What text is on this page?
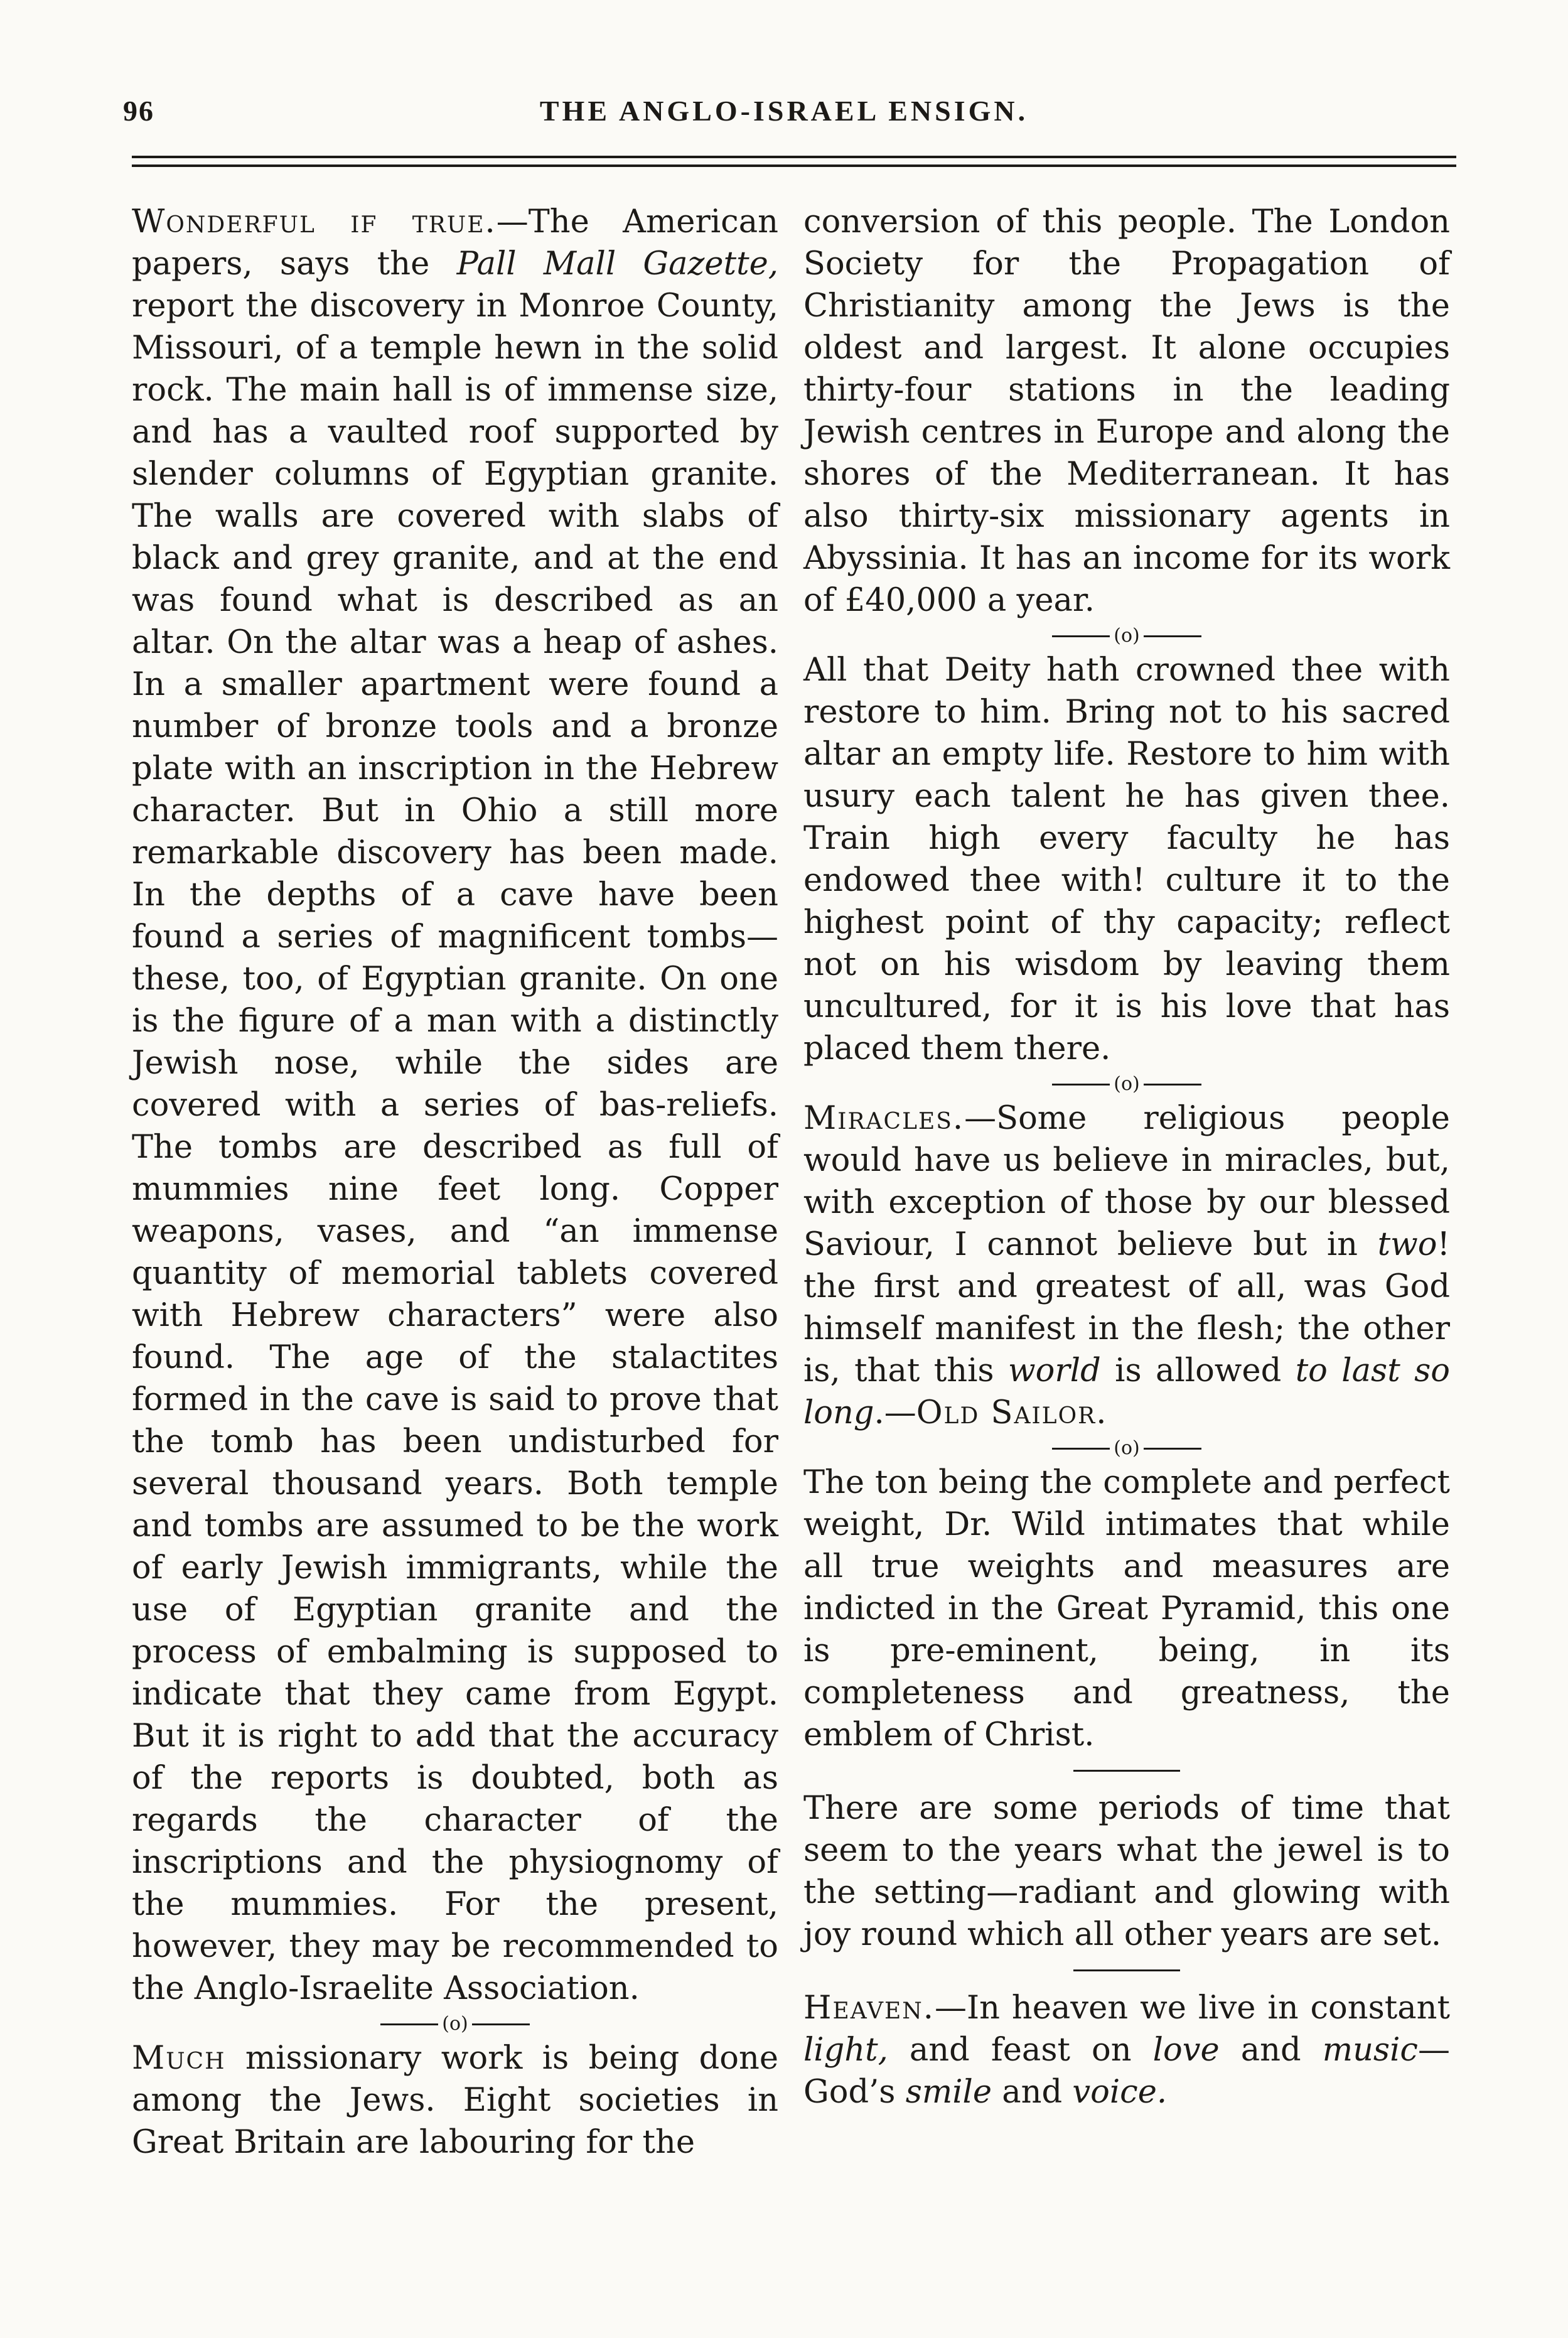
96	THE ANGLO-ISRAEL ENSIGN.

Wonderful if true.—The American papers, says the Pall Mall Gazette, report the discovery in Monroe County, Missouri, of a temple hewn in the solid rock. The main hall is of immense size, and has a vaulted roof supported by slender columns of Egyptian granite. The walls are covered with slabs of black and grey granite, and at the end was found what is described as an altar. On the altar was a heap of ashes. In a smaller apartment were found a number of bronze tools and a bronze plate with an inscription in the Hebrew character. But in Ohio a still more remarkable discovery has been made. In the depths of a cave have been found a series of magnificent tombs—these, too, of Egyptian granite. On one is the figure of a man with a distinctly Jewish nose, while the sides are covered with a series of bas-reliefs. The tombs are described as full of mummies nine feet long. Copper weapons, vases, and “an immense quantity of memorial tablets covered with Hebrew characters” were also found. The age of the stalactites formed in the cave is said to prove that the tomb has been undisturbed for several thousand years. Both temple and tombs are assumed to be the work of early Jewish immigrants, while the use of Egyptian granite and the process of embalming is supposed to indicate that they came from Egypt. But it is right to add that the accuracy of the reports is doubted, both as regards the character of the inscriptions and the physiognomy of the mummies. For the present, however, they may be recommended to the Anglo-Israelite Association.

(o)

Much missionary work is being done among the Jews. Eight societies in Great Britain are labouring for the

conversion of this people. The London Society for the Propagation of Christianity among the Jews is the oldest and largest. It alone occupies thirty-four stations in the leading Jewish centres in Europe and along the shores of the Mediterranean. It has also thirty-six missionary agents in Abyssinia. It has an income for its work of £40,000 a year.

(o)

All that Deity hath crowned thee with restore to him. Bring not to his sacred altar an empty life. Restore to him with usury each talent he has given thee. Train high every faculty he has endowed thee with! culture it to the highest point of thy capacity; reflect not on his wisdom by leaving them uncultured, for it is his love that has placed them there.

(o)

Miracles.—Some religious people would have us believe in miracles, but, with exception of those by our blessed Saviour, I cannot believe but in two! the first and greatest of all, was God himself manifest in the flesh; the other is, that this world is allowed to last so long.—Old Sailor.

(o)

The ton being the complete and perfect weight, Dr. Wild intimates that while all true weights and measures are indicted in the Great Pyramid, this one is pre-eminent, being, in its completeness and greatness, the emblem of Christ.

There are some periods of time that seem to the years what the jewel is to the setting—radiant and glowing with joy round which all other years are set.

Heaven.—In heaven we live in constant light, and feast on love and music—God’s smile and voice.
